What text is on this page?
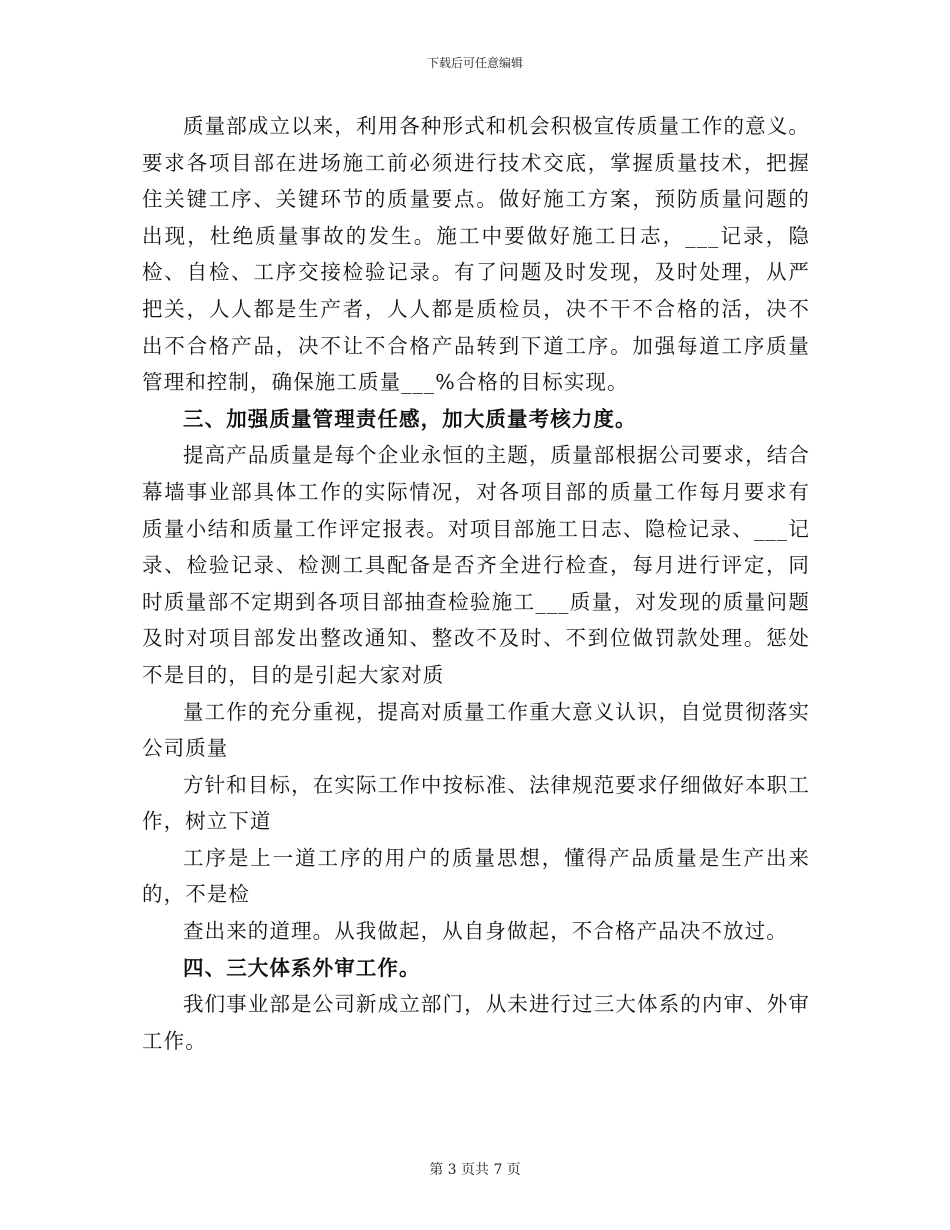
下载后可任意编辑

质量部成立以来，利用各种形式和机会积极宣传质量工作的意义。要求各项目部在进场施工前必须进行技术交底，掌握质量技术，把握住关键工序、关键环节的质量要点。做好施工方案，预防质量问题的出现，杜绝质量事故的发生。施工中要做好施工日志，___记录，隐检、自检、工序交接检验记录。有了问题及时发现，及时处理，从严把关，人人都是生产者，人人都是质检员，决不干不合格的活，决不出不合格产品，决不让不合格产品转到下道工序。加强每道工序质量管理和控制，确保施工质量___%合格的目标实现。

三、加强质量管理责任感，加大质量考核力度。

提高产品质量是每个企业永恒的主题，质量部根据公司要求，结合幕墙事业部具体工作的实际情况，对各项目部的质量工作每月要求有质量小结和质量工作评定报表。对项目部施工日志、隐检记录、___记录、检验记录、检测工具配备是否齐全进行检查，每月进行评定，同时质量部不定期到各项目部抽查检验施工___质量，对发现的质量问题及时对项目部发出整改通知、整改不及时、不到位做罚款处理。惩处不是目的，目的是引起大家对质

量工作的充分重视，提高对质量工作重大意义认识，自觉贯彻落实公司质量

方针和目标，在实际工作中按标准、法律规范要求仔细做好本职工作，树立下道

工序是上一道工序的用户的质量思想，懂得产品质量是生产出来的，不是检

查出来的道理。从我做起，从自身做起，不合格产品决不放过。

四、三大体系外审工作。

我们事业部是公司新成立部门，从未进行过三大体系的内审、外审工作。

第 3 页共 7 页
